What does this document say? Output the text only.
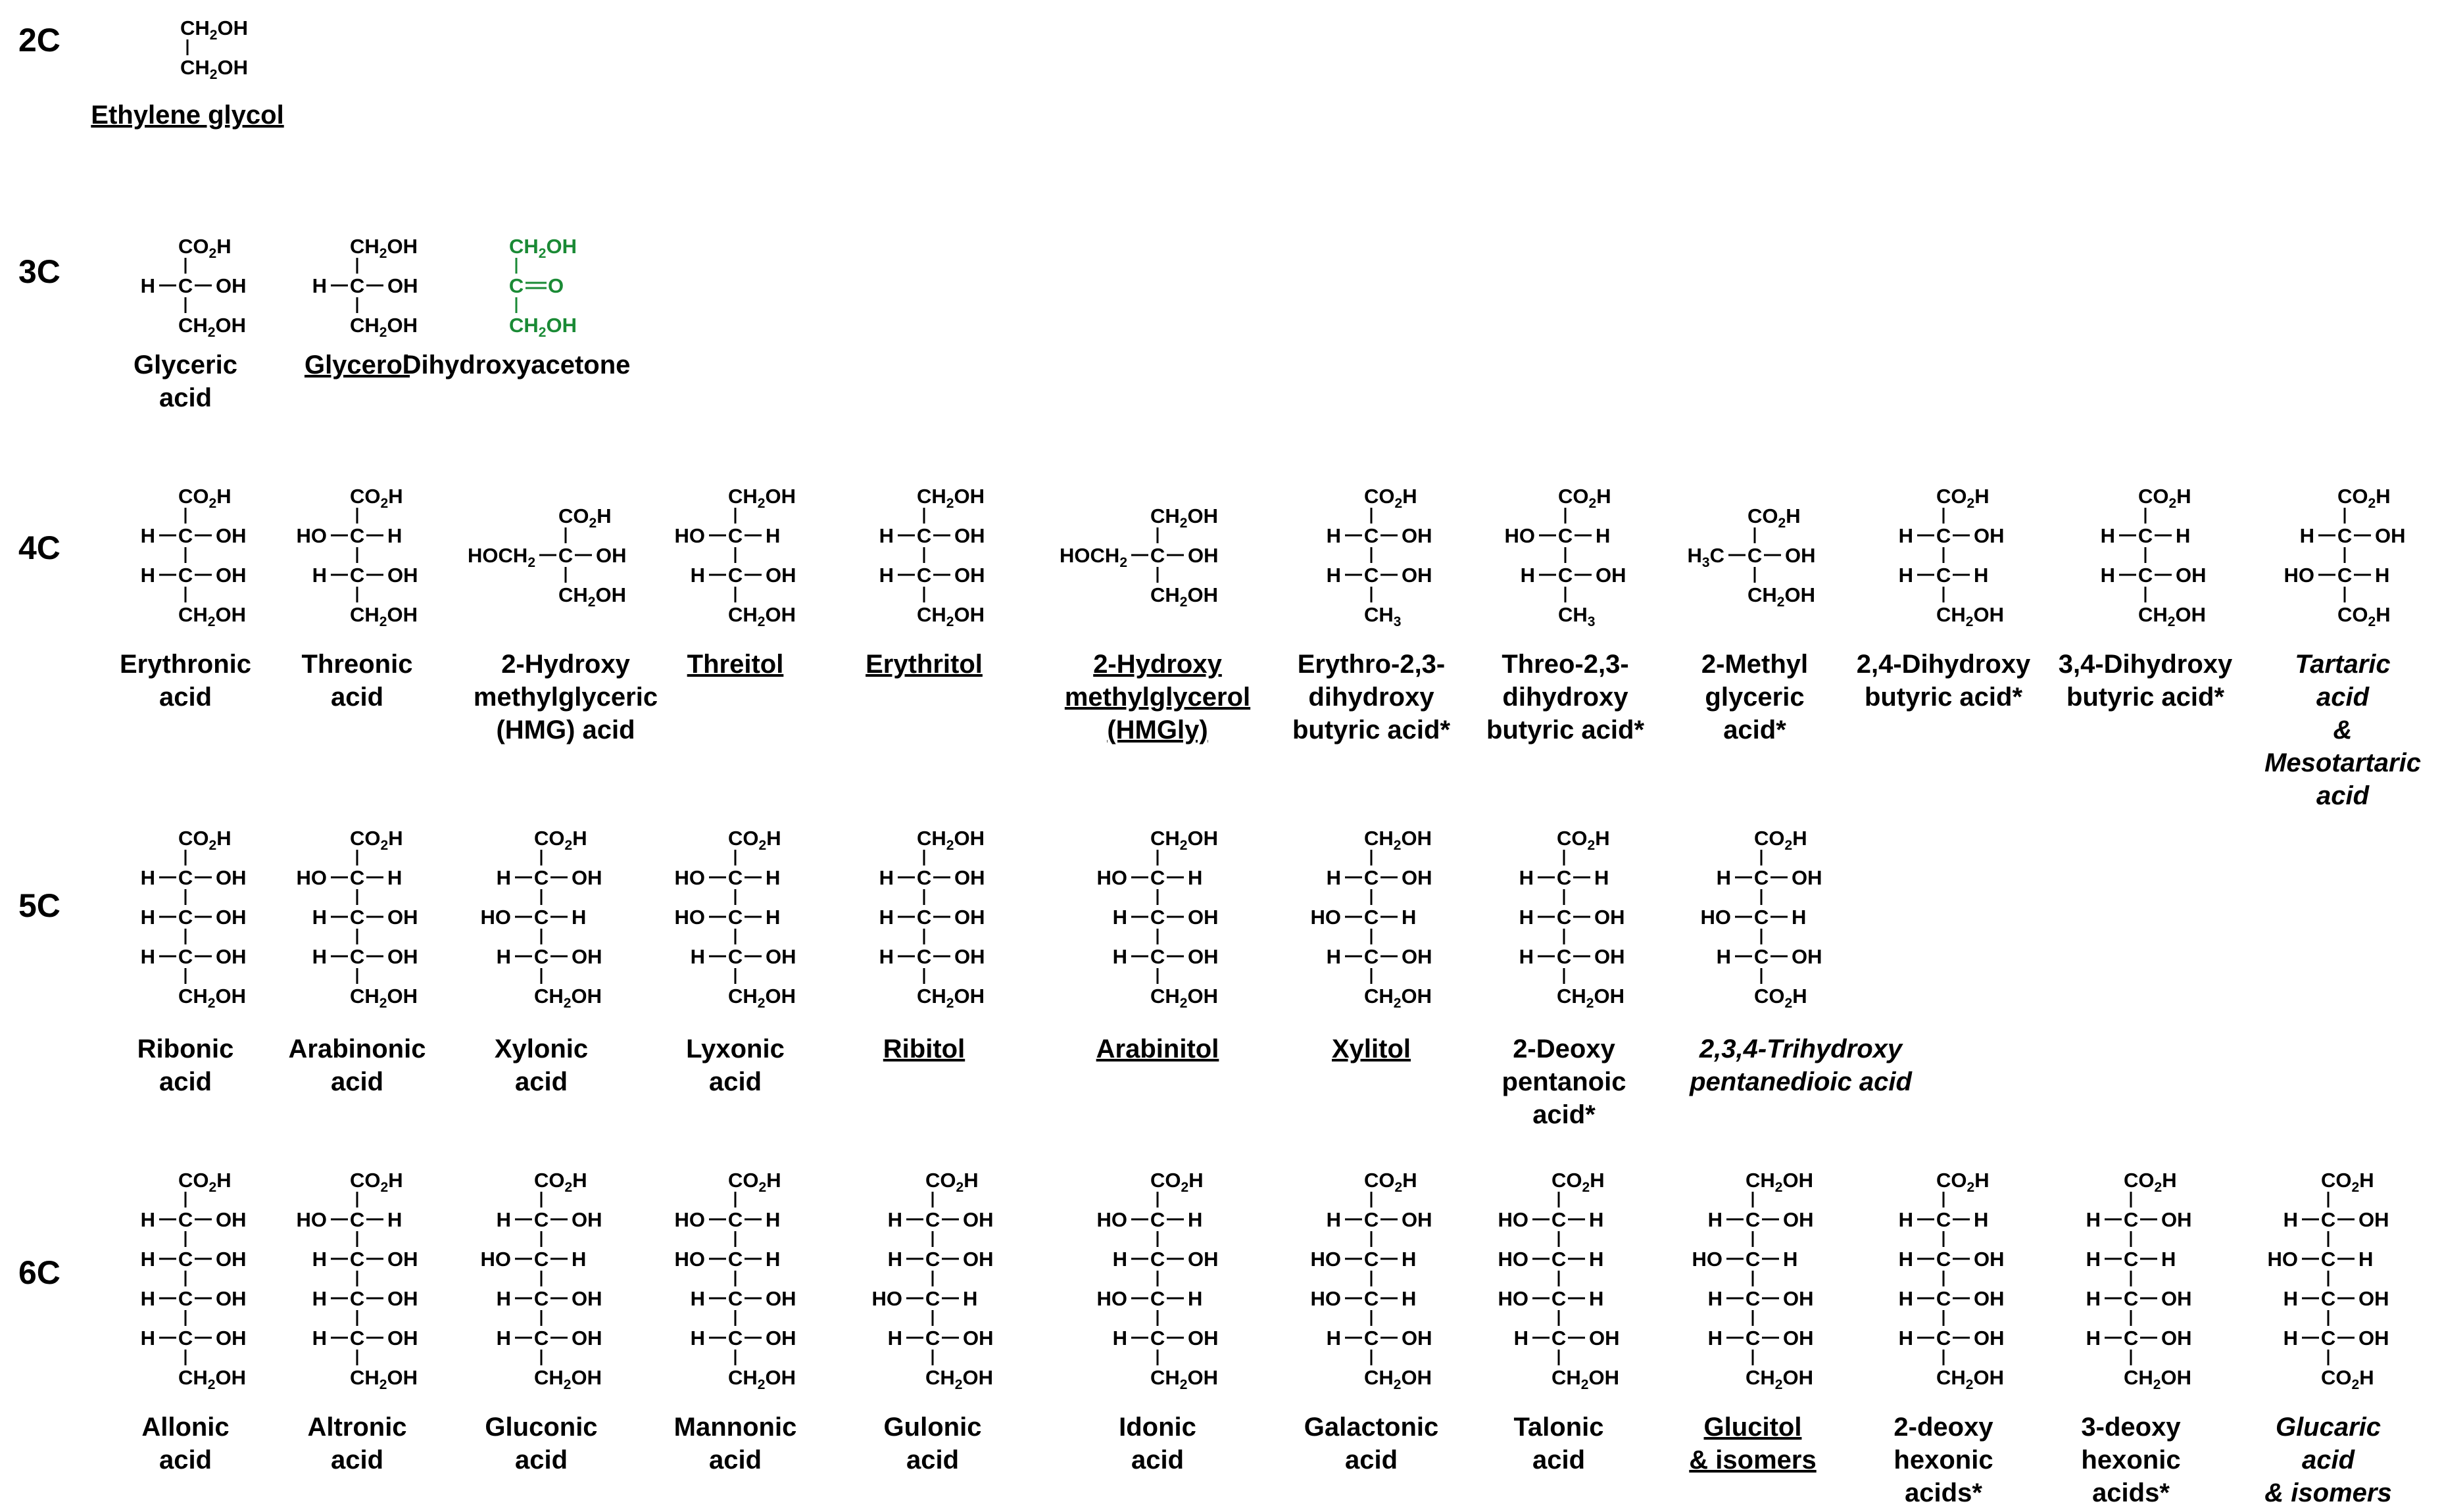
2C
3C
4C
5C
6C
$CH_2OH$
$CH_2OH$
Ethylene glycol
$CO_2H$
C
H	OH
$CH_2OH$
Glyceric
acid
$CH_2OH$
C
H	OH
$CH_2OH$
Glycerol
$CH_2OH$
C O
$CH_2OH$
Dihydroxyacetone
$CO_2H$
C
H	OH
C
H	OH
$CH_2OH$
Erythronic
acid
$CO_2H$
C
HO	H
C
H	OH
$CH_2OH$
Threonic
acid
$CO_2H$
C
$HOCH_2$	OH
$CH_2OH$
2-Hydroxy
methylglyceric
(HMG) acid
$CH_2OH$
C
HO	H
C
H	OH
$CH_2OH$
Threitol
$CH_2OH$
C
H	OH
C
H	OH
$CH_2OH$
Erythritol
$CH_2OH$
C
$HOCH_2$	OH
$CH_2OH$
2-Hydroxy
methylglycerol
(HMGly)
$CO_2H$
C
H	OH
C
H	OH
$CH_3$
Erythro-2,3-
dihydroxy
butyric acid*
$CO_2H$
C
HO	H
C
H	OH
$CH_3$
Threo-2,3-
dihydroxy
butyric acid*
$CO_2H$
C
$H_3C$	OH
$CH_2OH$
2-Methyl
glyceric
acid*
$CO_2H$
C
H	OH
C
H	H
$CH_2OH$
2,4-Dihydroxy
butyric acid*
$CO_2H$
C
H	H
C
H	OH
$CH_2OH$
3,4-Dihydroxy
butyric acid*
$CO_2H$
C
H	OH
C
HO	H
$CO_2H$
Tartaric
acid
&
Mesotartaric
acid
$CO_2H$
C
H	OH
C
H	OH
C
H	OH
$CH_2OH$
Ribonic
acid
$CO_2H$
C
HO	H
C
H	OH
C
H	OH
$CH_2OH$
Arabinonic
acid
$CO_2H$
C
H	OH
C
HO	H
C
H	OH
$CH_2OH$
Xylonic
acid
$CO_2H$
C
HO	H
C
HO	H
C
H	OH
$CH_2OH$
Lyxonic
acid
$CH_2OH$
C
H	OH
C
H	OH
C
H	OH
$CH_2OH$
Ribitol
$CH_2OH$
C
HO	H
C
H	OH
C
H	OH
$CH_2OH$
Arabinitol
$CH_2OH$
C
H	OH
C
HO	H
C
H	OH
$CH_2OH$
Xylitol
$CO_2H$
C
H	H
C
H	OH
C
H	OH
$CH_2OH$
2-Deoxy
pentanoic
acid*
$CO_2H$
C
H	OH
C
HO	H
C
H	OH
$CO_2H$
2,3,4-Trihydroxy
pentanedioic acid
$CO_2H$
C
H	OH
C
H	OH
C
H	OH
C
H	OH
$CH_2OH$
Allonic
acid
$CO_2H$
C
HO	H
C
H	OH
C
H	OH
C
H	OH
$CH_2OH$
Altronic
acid
$CO_2H$
C
H	OH
C
HO	H
C
H	OH
C
H	OH
$CH_2OH$
Gluconic
acid
$CO_2H$
C
HO	H
C
HO	H
C
H	OH
C
H	OH
$CH_2OH$
Mannonic
acid
$CO_2H$
C
H	OH
C
H	OH
C
HO	H
C
H	OH
$CH_2OH$
Gulonic
acid
$CO_2H$
C
HO	H
C
H	OH
C
HO	H
C
H	OH
$CH_2OH$
Idonic
acid
$CO_2H$
C
H	OH
C
HO	H
C
HO	H
C
H	OH
$CH_2OH$
Galactonic
acid
$CO_2H$
C
HO	H
C
HO	H
C
HO	H
C
H	OH
$CH_2OH$
Talonic
acid
$CH_2OH$
C
H	OH
C
HO	H
C
H	OH
C
H	OH
$CH_2OH$
Glucitol
& isomers
$CO_2H$
C
H	H
C
H	OH
C
H	OH
C
H	OH
$CH_2OH$
2-deoxy
hexonic
acids*
$CO_2H$
C
H	OH
C
H	H
C
H	OH
C
H	OH
$CH_2OH$
3-deoxy
hexonic
acids*
$CO_2H$
C
H	OH
C
HO	H
C
H	OH
C
H	OH
$CO_2H$
Glucaric
acid
& isomers
